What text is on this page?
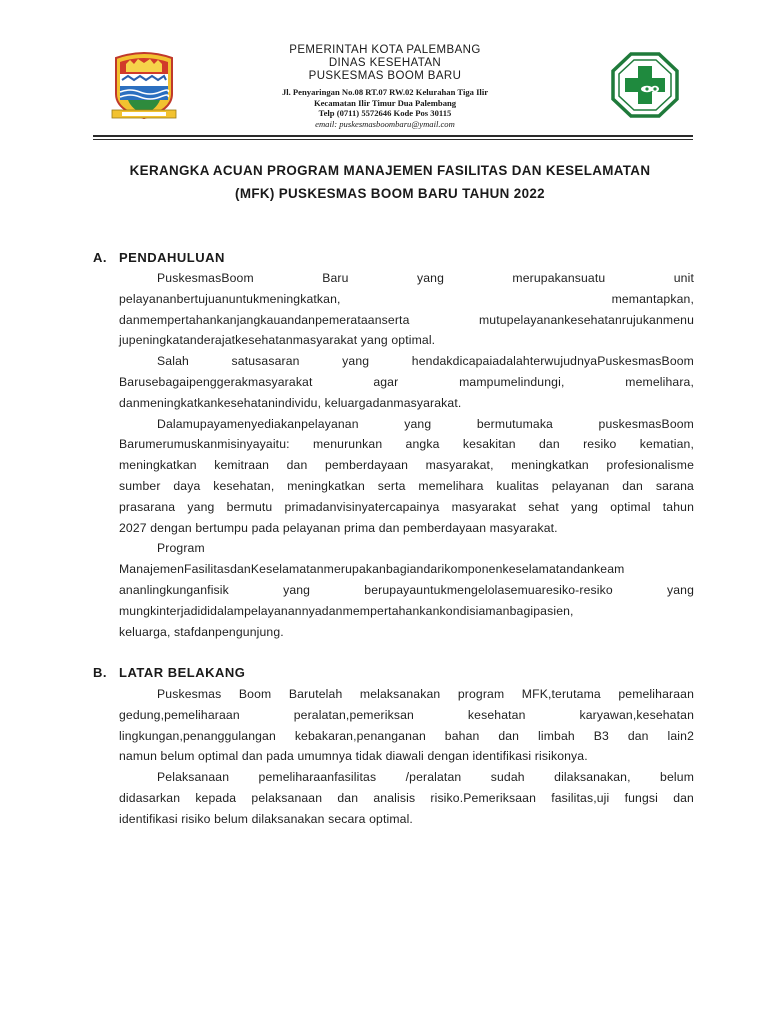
PEMERINTAH KOTA PALEMBANG
DINAS KESEHATAN
PUSKESMAS BOOM BARU
Jl. Penyaringan No.08 RT.07 RW.02 Kelurahan Tiga Ilir
Kecamatan Ilir Timur Dua Palembang
Telp (0711) 5572646 Kode Pos 30115
email: puskesmasboombaru@ymail.com
KERANGKA ACUAN PROGRAM MANAJEMEN FASILITAS DAN KESELAMATAN
(MFK) PUSKESMAS BOOM BARU TAHUN 2022
A. PENDAHULUAN
PuskesmasBoom Baru yang merupakansuatu unit
pelayananbertujuanuntukmeningkatkan, memantapkan,
danmempertahankanjangkauandanpemerataanserta mutupelayanankesehatanrujukanmenu
jupeningkatanderajatkesehatanmasyarakat yang optimal.
Salah satusasaran yang hendakdicapaiadalahterwujudnyaPuskesmasBoom
Barusebagaipenggerakmasyarakat agar mampumelindungi, memelihara,
danmeningkatkankesehatanindividu, keluargadanmasyarakat.
Dalamupayamenyediakanpelayanan yang bermutumaka puskesmasBoom
Barumerumuskanmisinyayaitu: menurunkan angka kesakitan dan resiko kematian,
meningkatkan kemitraan dan pemberdayaan masyarakat, meningkatkan profesionalisme
sumber daya kesehatan, meningkatkan serta memelihara kualitas pelayanan dan sarana
prasarana yang bermutu primadanvisinyatercapainya masyarakat sehat yang optimal tahun
2027 dengan bertumpu pada pelayanan prima dan pemberdayaan masyarakat.
Program
ManajemenFasilitasdanKeselamatanmerupakanbagiandarikomponenkeselamatandankeam
ananlingkunganfisik yang berupayauntukmengelolasemuaresiko-resiko yang
mungkinterjadididalampelayanannyadanmempertahankankondisiamanbagipasien,
keluarga, stafdanpengunjung.
B. LATAR BELAKANG
Puskesmas Boom Barutelah melaksanakan program MFK,terutama pemeliharaan
gedung,pemeliharaan peralatan,pemeriksan kesehatan karyawan,kesehatan
lingkungan,penanggulangan kebakaran,penanganan bahan dan limbah B3 dan lain2
namun belum optimal dan pada umumnya tidak diawali dengan identifikasi risikonya.
Pelaksanaan pemeliharaanfasilitas /peralatan sudah dilaksanakan, belum
didasarkan kepada pelaksanaan dan analisis risiko.Pemeriksaan fasilitas,uji fungsi dan
identifikasi risiko belum dilaksanakan secara optimal.
